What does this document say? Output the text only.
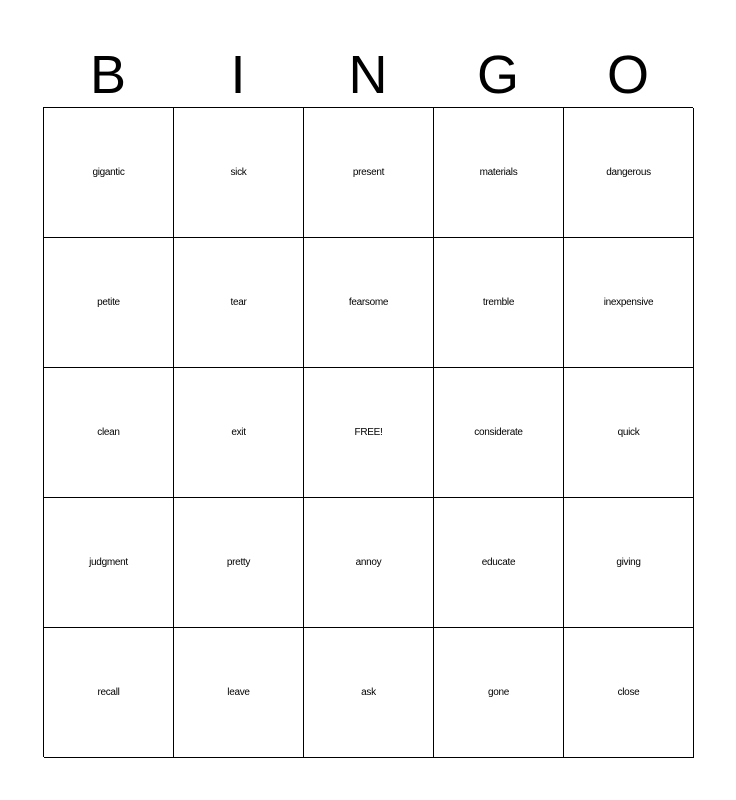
B	I	N	G	O
gigantic	sick	present	materials	dangerous
petite	tear	fearsome	tremble	inexpensive
clean	exit	FREE!	considerate	quick
judgment	pretty	annoy	educate	giving
recall	leave	ask	gone	close
